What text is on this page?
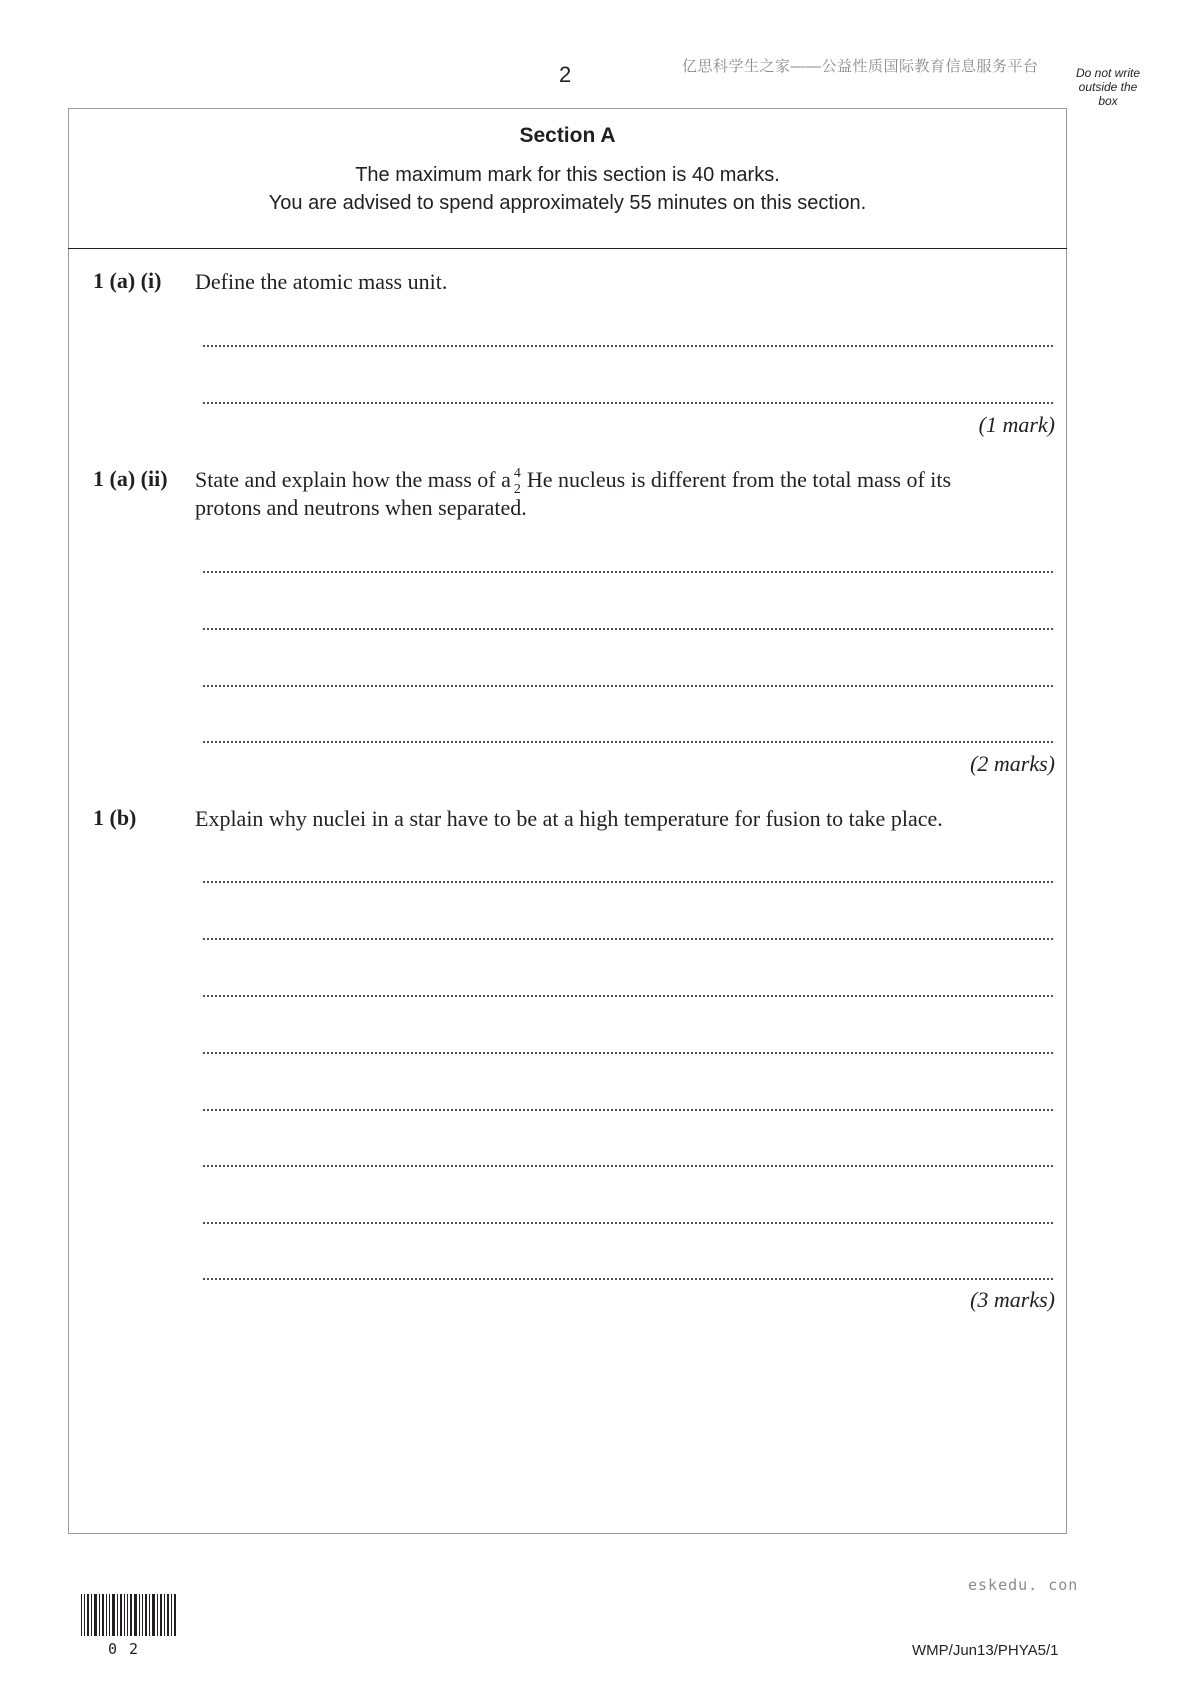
2	亿思科学生之家——公益性质国际教育信息服务平台	Do not write outside the box
Section A
The maximum mark for this section is 40 marks.
You are advised to spend approximately 55 minutes on this section.
1 (a) (i) Define the atomic mass unit.
(1 mark)
1 (a) (ii) State and explain how the mass of a 4
2 He nucleus is different from the total mass of its
protons and neutrons when separated.
(2 marks)
1 (b)	Explain why nuclei in a star have to be at a high temperature for fusion to take place.
(3 marks)
eskedu. con
02	WMP/Jun13/PHYA5/1
